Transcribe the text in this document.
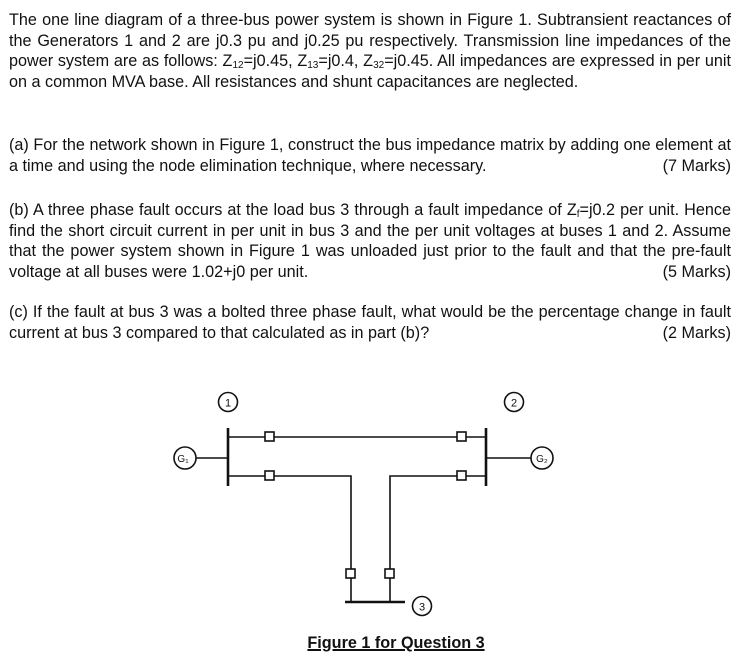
The one line diagram of a three-bus power system is shown in Figure 1. Subtransient reactances of the Generators 1 and 2 are j0.3 pu and j0.25 pu respectively. Transmission line impedances of the power system are as follows: $Z_{12}=j0.45$, $Z_{13}=j0.4$, $Z_{32}=j0.45$. All impedances are expressed in per unit on a common MVA base. All resistances and shunt capacitances are neglected.
(a) For the network shown in Figure 1, construct the bus impedance matrix by adding one element at a time and using the node elimination technique, where necessary.	(7 Marks)
(b) A three phase fault occurs at the load bus 3 through a fault impedance of $Z_f=j0.2$ per unit. Hence find the short circuit current in per unit in bus 3 and the per unit voltages at buses 1 and 2. Assume that the power system shown in Figure 1 was unloaded just prior to the fault and that the pre-fault voltage at all buses were 1.02+j0 per unit.	(5 Marks)
(c) If the fault at bus 3 was a bolted three phase fault, what would be the percentage change in fault current at bus 3 compared to that calculated as in part (b)?	(2 Marks)
1	2
3
G₁	G₂
Figure 1 for Question 3
